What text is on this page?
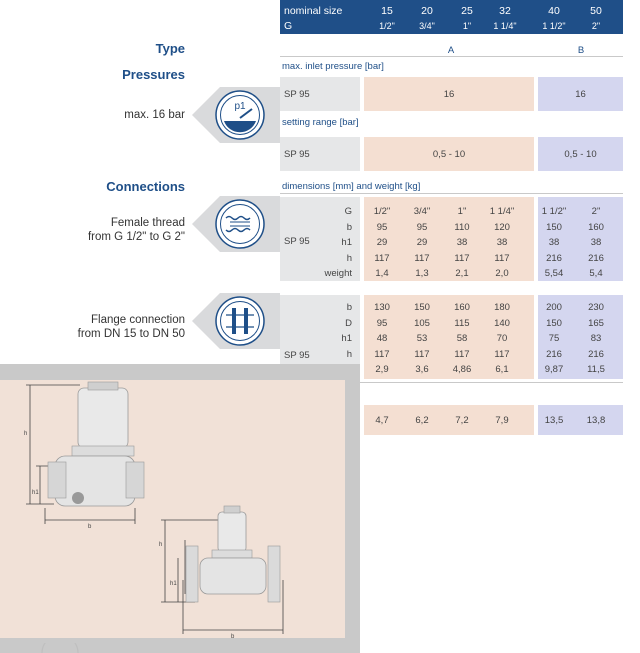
Type
Pressures
max. 16 bar
p1
Connections
Female thread
from G 1/2" to G 2"
Flange connection
from DN 15 to DN 50
nominal size
G
15	20	25	32	40	50
1/2"	3/4"	1"	1 1/4"	1 1/2"	2"
A	B
max. inlet pressure [bar]
SP 95	16	16
setting range [bar]
SP 95	0,5 - 10	0,5 - 10
dimensions [mm] and weight [kg]
SP 95
G	1/2"	3/4"	1"	1 1/4"	1 1/2"	2"
b	95	95	110	120	150	160
h1	29	29	38	38	38	38
h	117	117	117	117	216	216
weight	1,4	1,3	2,1	2,0	5,54	5,4
SP 95
b	130	150	160	180	200	230
D	95	105	115	140	150	165
h1	48	53	58	70	75	83
h	117	117	117	117	216	216
2,9	3,6	4,86	6,1	9,87	11,5
4,7	6,2	7,2	7,9	13,5	13,8
h
h1
b
h
h1
b
